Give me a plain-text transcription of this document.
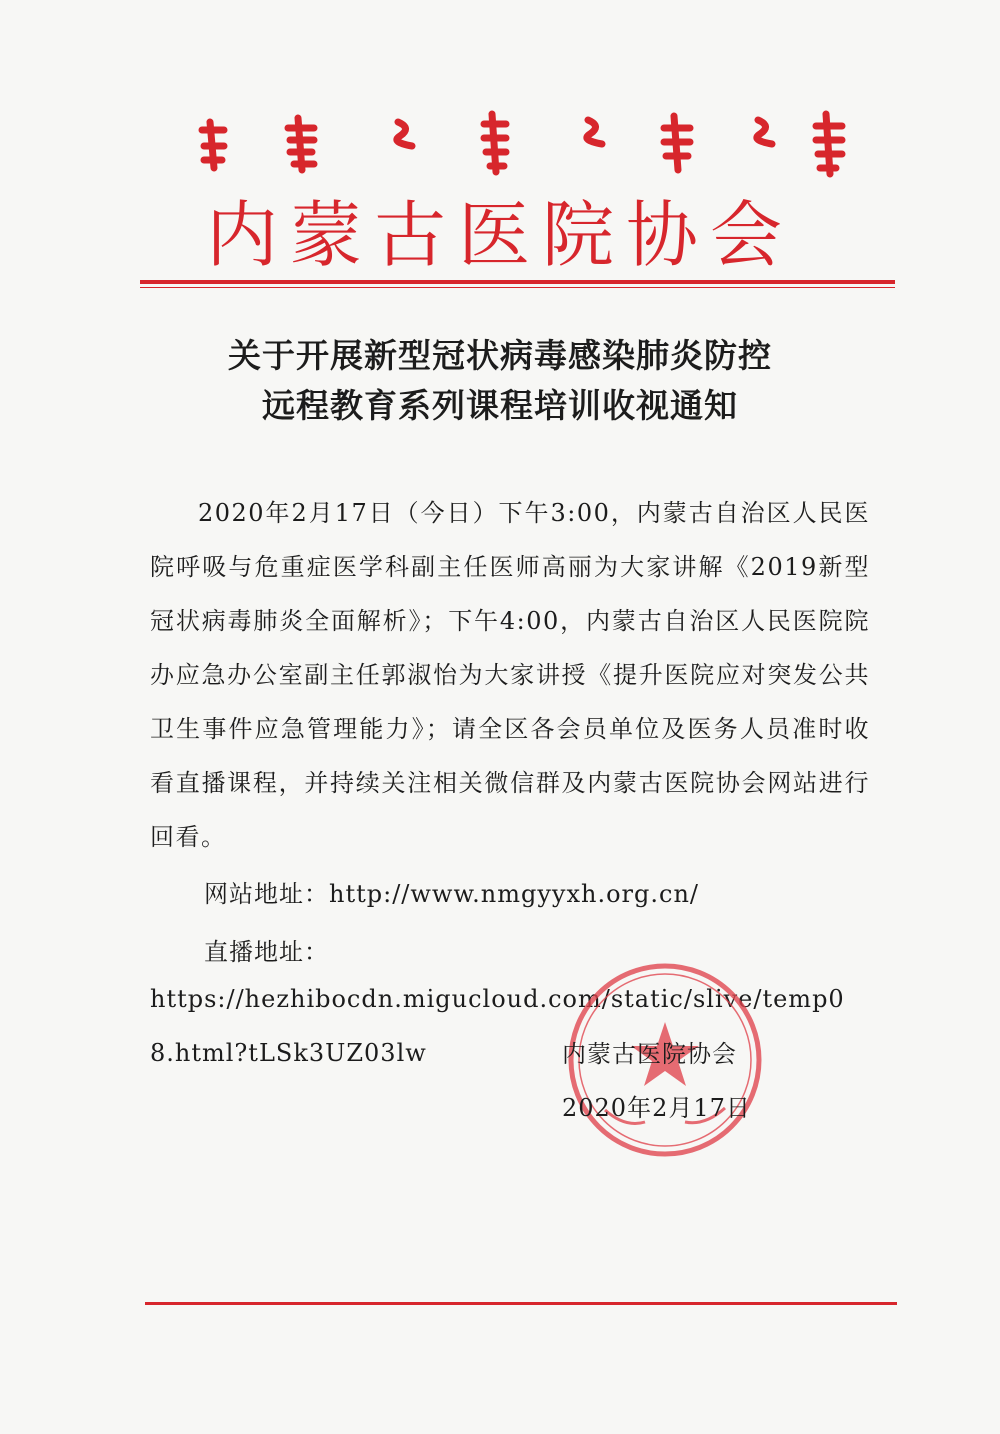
内蒙古医院协会
关于开展新型冠状病毒感染肺炎防控
远程教育系列课程培训收视通知

2020年2月17日（今日）下午3:00，内蒙古自治区人民医院呼吸与危重症医学科副主任医师高丽为大家讲解《2019新型冠状病毒肺炎全面解析》；下午4:00，内蒙古自治区人民医院院办应急办公室副主任郭淑怡为大家讲授《提升医院应对突发公共卫生事件应急管理能力》；请全区各会员单位及医务人员准时收看直播课程，并持续关注相关微信群及内蒙古医院协会网站进行回看。

网站地址：http://www.nmgyyxh.org.cn/
直播地址：
https://hezhibocdn.migucloud.com/static/slive/temp0
8.html?tLSk3UZ03lw	内蒙古医院协会
2020年2月17日
